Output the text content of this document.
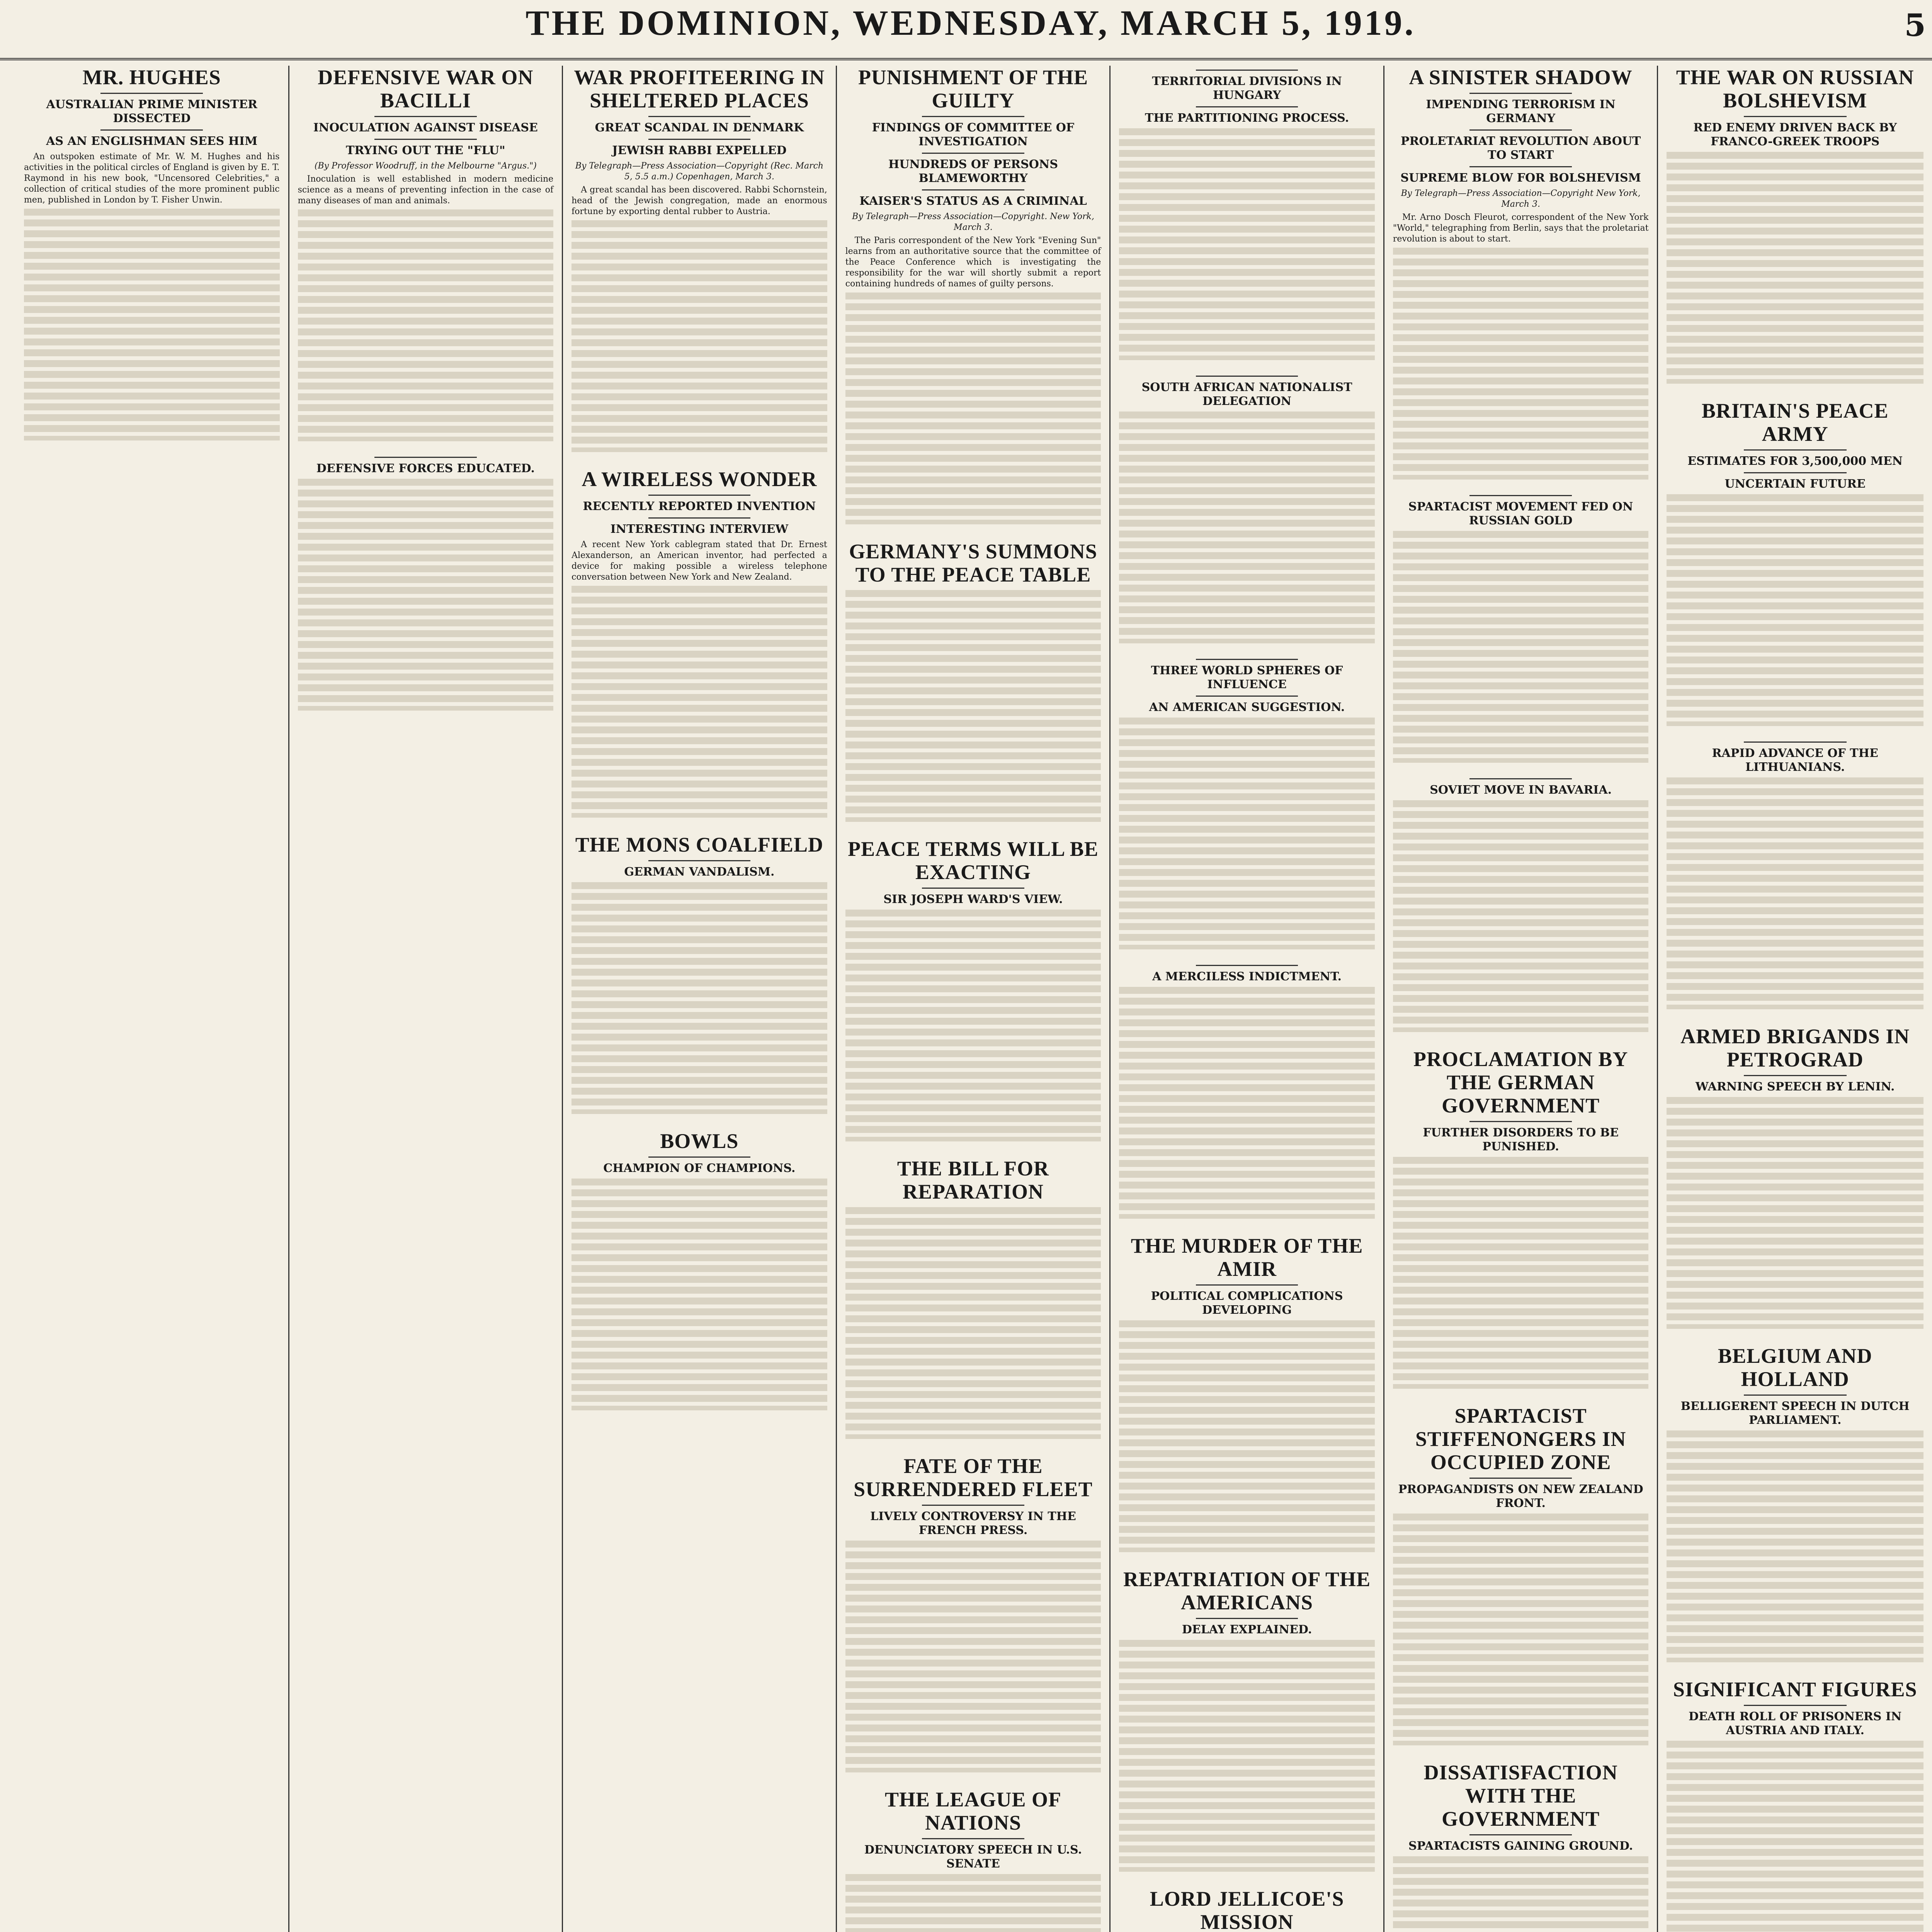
THE DOMINION, WEDNESDAY, MARCH 5, 1919.	5
MR. HUGHES
AUSTRALIAN PRIME MINISTER DISSECTED
AS AN ENGLISHMAN SEES HIM

An outspoken estimate of Mr. W. M. Hughes and his activities in the political circles of England is given by E. T. Raymond in his new book, "Uncensored Celebrities," a collection of critical studies of the more prominent public men, published in London by T. Fisher Unwin.

DEFENSIVE WAR ON BACILLI
INOCULATION AGAINST DISEASE
TRYING OUT THE "FLU"
(By Professor Woodruff, in the Melbourne "Argus.")

Inoculation is well established in modern medicine science as a means of preventing infection in the case of many diseases of man and animals.

DEFENSIVE FORCES EDUCATED.
WAR PROFITEERING IN SHELTERED PLACES
GREAT SCANDAL IN DENMARK
JEWISH RABBI EXPELLED
By Telegraph—Press Association—Copyright (Rec. March 5, 5.5 a.m.) Copenhagen, March 3.

A great scandal has been discovered. Rabbi Schornstein, head of the Jewish congregation, made an enormous fortune by exporting dental rubber to Austria.

A WIRELESS WONDER
RECENTLY REPORTED INVENTION
INTERESTING INTERVIEW

A recent New York cablegram stated that Dr. Ernest Alexanderson, an American inventor, had perfected a device for making possible a wireless telephone conversation between New York and New Zealand.

THE MONS COALFIELD
GERMAN VANDALISM.
BOWLS
CHAMPION OF CHAMPIONS.
PUNISHMENT OF THE GUILTY
FINDINGS OF COMMITTEE OF INVESTIGATION
HUNDREDS OF PERSONS BLAMEWORTHY
KAISER'S STATUS AS A CRIMINAL
By Telegraph—Press Association—Copyright. New York, March 3.

The Paris correspondent of the New York "Evening Sun" learns from an authoritative source that the committee of the Peace Conference which is investigating the responsibility for the war will shortly submit a report containing hundreds of names of guilty persons.

GERMANY'S SUMMONS TO THE PEACE TABLE
PEACE TERMS WILL BE EXACTING
SIR JOSEPH WARD'S VIEW.
THE BILL FOR REPARATION
FATE OF THE SURRENDERED FLEET
LIVELY CONTROVERSY IN THE FRENCH PRESS.
THE LEAGUE OF NATIONS
DENUNCIATORY SPEECH IN U.S. SENATE
TERRITORIAL DIVISIONS IN HUNGARY
THE PARTITIONING PROCESS.
SOUTH AFRICAN NATIONALIST DELEGATION
THREE WORLD SPHERES OF INFLUENCE
AN AMERICAN SUGGESTION.
A MERCILESS INDICTMENT.
THE MURDER OF THE AMIR
POLITICAL COMPLICATIONS DEVELOPING
REPATRIATION OF THE AMERICANS
DELAY EXPLAINED.
LORD JELLICOE'S MISSION
A SINISTER SHADOW
IMPENDING TERRORISM IN GERMANY
PROLETARIAT REVOLUTION ABOUT TO START
SUPREME BLOW FOR BOLSHEVISM
By Telegraph—Press Association—Copyright New York, March 3.

Mr. Arno Dosch Fleurot, correspondent of the New York "World," telegraphing from Berlin, says that the proletariat revolution is about to start.

SPARTACIST MOVEMENT FED ON RUSSIAN GOLD
SOVIET MOVE IN BAVARIA.
PROCLAMATION BY THE GERMAN GOVERNMENT
FURTHER DISORDERS TO BE PUNISHED.
SPARTACIST STIFFENONGERS IN OCCUPIED ZONE
PROPAGANDISTS ON NEW ZEALAND FRONT.
DISSATISFACTION WITH THE GOVERNMENT
SPARTACISTS GAINING GROUND.
THE WAR ON RUSSIAN BOLSHEVISM
RED ENEMY DRIVEN BACK BY FRANCO-GREEK TROOPS
BRITAIN'S PEACE ARMY
ESTIMATES FOR 3,500,000 MEN
UNCERTAIN FUTURE
RAPID ADVANCE OF THE LITHUANIANS.
ARMED BRIGANDS IN PETROGRAD
WARNING SPEECH BY LENIN.
BELGIUM AND HOLLAND
BELLIGERENT SPEECH IN DUTCH PARLIAMENT.
SIGNIFICANT FIGURES
DEATH ROLL OF PRISONERS IN AUSTRIA AND ITALY.
